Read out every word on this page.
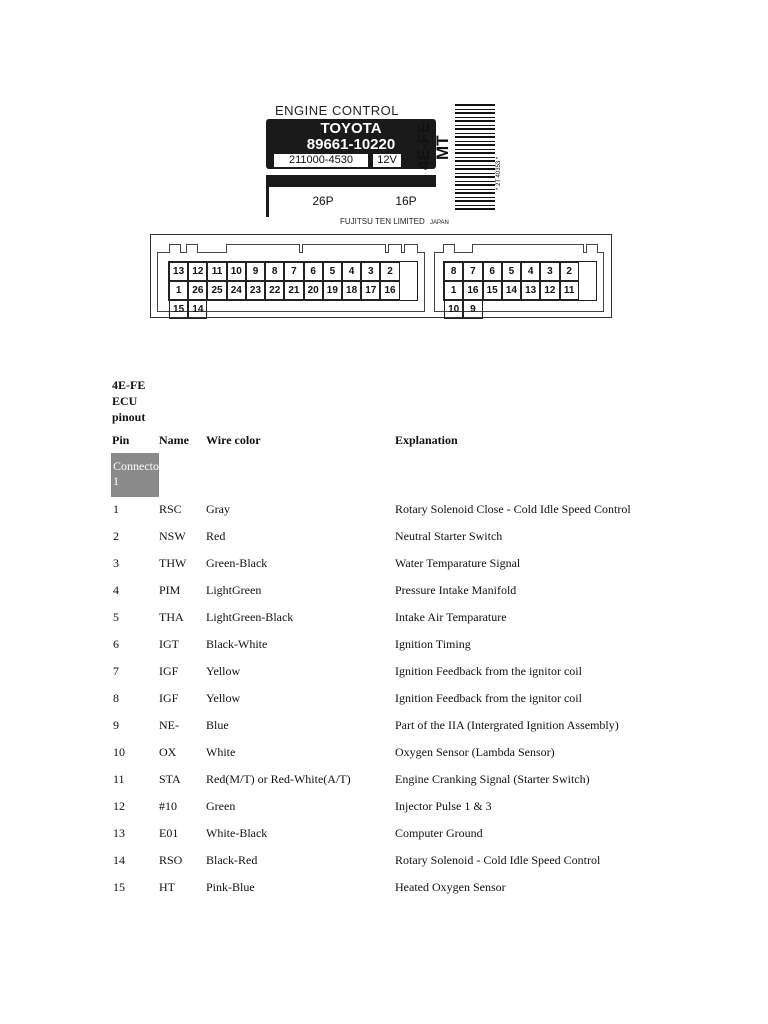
ENGINE CONTROL
TOYOTA
89661-10220
211000-4530	12V 4E-FE MT
* 2T 40353 *
26P	16P
FUJITSU TEN LIMITED JAPAN
13 12 11 10	9	8	7	6	5	4	3	2
1	26 25 24 23 22 21 20 19 18 17 16
15 14
8	7	6	5	4	3	2
1	16 15 14 13 12 11
10	9
4E-FE ECU pinout
Pin Name Wire color	Explanation
Connector 1
1	RSC Gray	Rotary Solenoid Close - Cold Idle Speed Control
2	NSW Red	Neutral Starter Switch
3	THW Green-Black	Water Temparature Signal
4	PIM LightGreen	Pressure Intake Manifold
5	THA LightGreen-Black	Intake Air Temparature
6	IGT Black-White	Ignition Timing
7	IGF Yellow	Ignition Feedback from the ignitor coil
8	IGF Yellow	Ignition Feedback from the ignitor coil
9	NE- Blue	Part of the IIA (Intergrated Ignition Assembly)
10	OX White	Oxygen Sensor (Lambda Sensor)
11	STA Red(M/T) or Red-White(A/T)	Engine Cranking Signal (Starter Switch)
12	#10 Green	Injector Pulse 1 & 3
13	E01 White-Black	Computer Ground
14	RSO Black-Red	Rotary Solenoid - Cold Idle Speed Control
15	HT	Pink-Blue	Heated Oxygen Sensor
